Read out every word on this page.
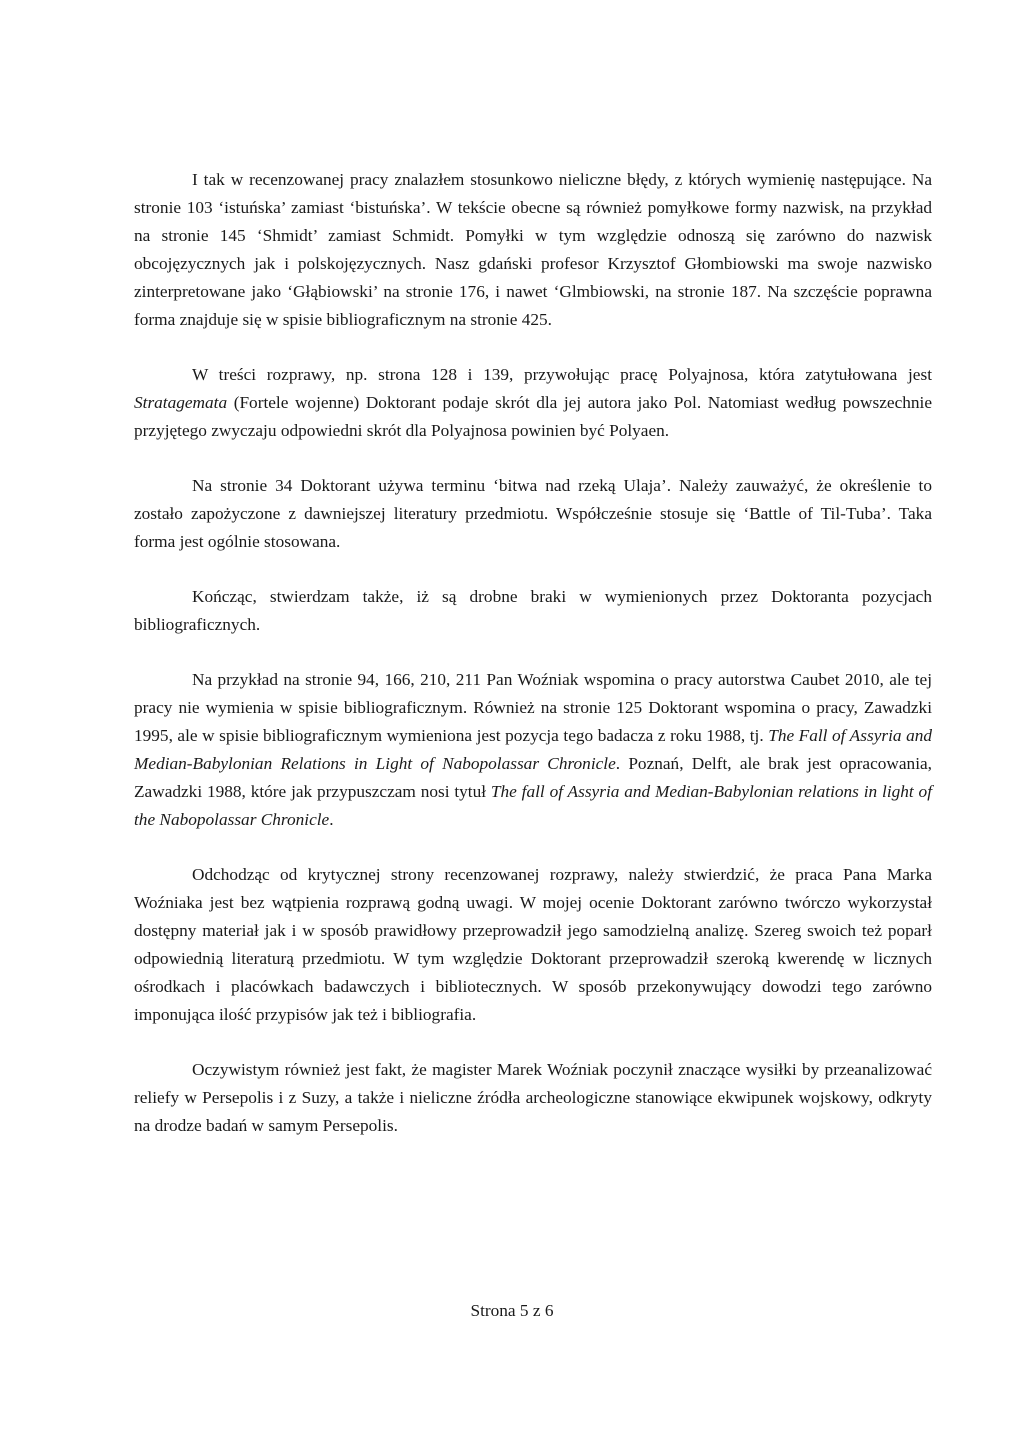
I tak w recenzowanej pracy znalazłem stosunkowo nieliczne błędy, z których wymienię następujące. Na stronie 103 ‘istuńska’ zamiast ‘bistuńska’. W tekście obecne są również pomyłkowe formy nazwisk, na przykład na stronie 145 ‘Shmidt’ zamiast Schmidt. Pomyłki w tym względzie odnoszą się zarówno do nazwisk obcojęzycznych jak i polskojęzycznych. Nasz gdański profesor Krzysztof Głombiowski ma swoje nazwisko zinterpretowane jako ‘Głąbiowski’ na stronie 176, i nawet ‘Glmbiowski, na stronie 187. Na szczęście poprawna forma znajduje się w spisie bibliograficznym na stronie 425.

W treści rozprawy, np. strona 128 i 139, przywołując pracę Polyajnosa, która zatytułowana jest Stratagemata (Fortele wojenne) Doktorant podaje skrót dla jej autora jako Pol. Natomiast według powszechnie przyjętego zwyczaju odpowiedni skrót dla Polyajnosa powinien być Polyaen.

Na stronie 34 Doktorant używa terminu ‘bitwa nad rzeką Ulaja’. Należy zauważyć, że określenie to zostało zapożyczone z dawniejszej literatury przedmiotu. Współcześnie stosuje się ‘Battle of Til-Tuba’. Taka forma jest ogólnie stosowana.

Kończąc, stwierdzam także, iż są drobne braki w wymienionych przez Doktoranta pozycjach bibliograficznych.

Na przykład na stronie 94, 166, 210, 211 Pan Woźniak wspomina o pracy autorstwa Caubet 2010, ale tej pracy nie wymienia w spisie bibliograficznym. Również na stronie 125 Doktorant wspomina o pracy, Zawadzki 1995, ale w spisie bibliograficznym wymieniona jest pozycja tego badacza z roku 1988, tj. The Fall of Assyria and Median-Babylonian Relations in Light of Nabopolassar Chronicle. Poznań, Delft, ale brak jest opracowania, Zawadzki 1988, które jak przypuszczam nosi tytuł The fall of Assyria and Median-Babylonian relations in light of the Nabopolassar Chronicle.

Odchodząc od krytycznej strony recenzowanej rozprawy, należy stwierdzić, że praca Pana Marka Woźniaka jest bez wątpienia rozprawą godną uwagi. W mojej ocenie Doktorant zarówno twórczo wykorzystał dostępny materiał jak i w sposób prawidłowy przeprowadził jego samodzielną analizę. Szereg swoich też poparł odpowiednią literaturą przedmiotu. W tym względzie Doktorant przeprowadził szeroką kwerendę w licznych ośrodkach i placówkach badawczych i bibliotecznych. W sposób przekonywujący dowodzi tego zarówno imponująca ilość przypisów jak też i bibliografia.

Oczywistym również jest fakt, że magister Marek Woźniak poczynił znaczące wysiłki by przeanalizować reliefy w Persepolis i z Suzy, a także i nieliczne źródła archeologiczne stanowiące ekwipunek wojskowy, odkryty na drodze badań w samym Persepolis.

Strona 5 z 6
